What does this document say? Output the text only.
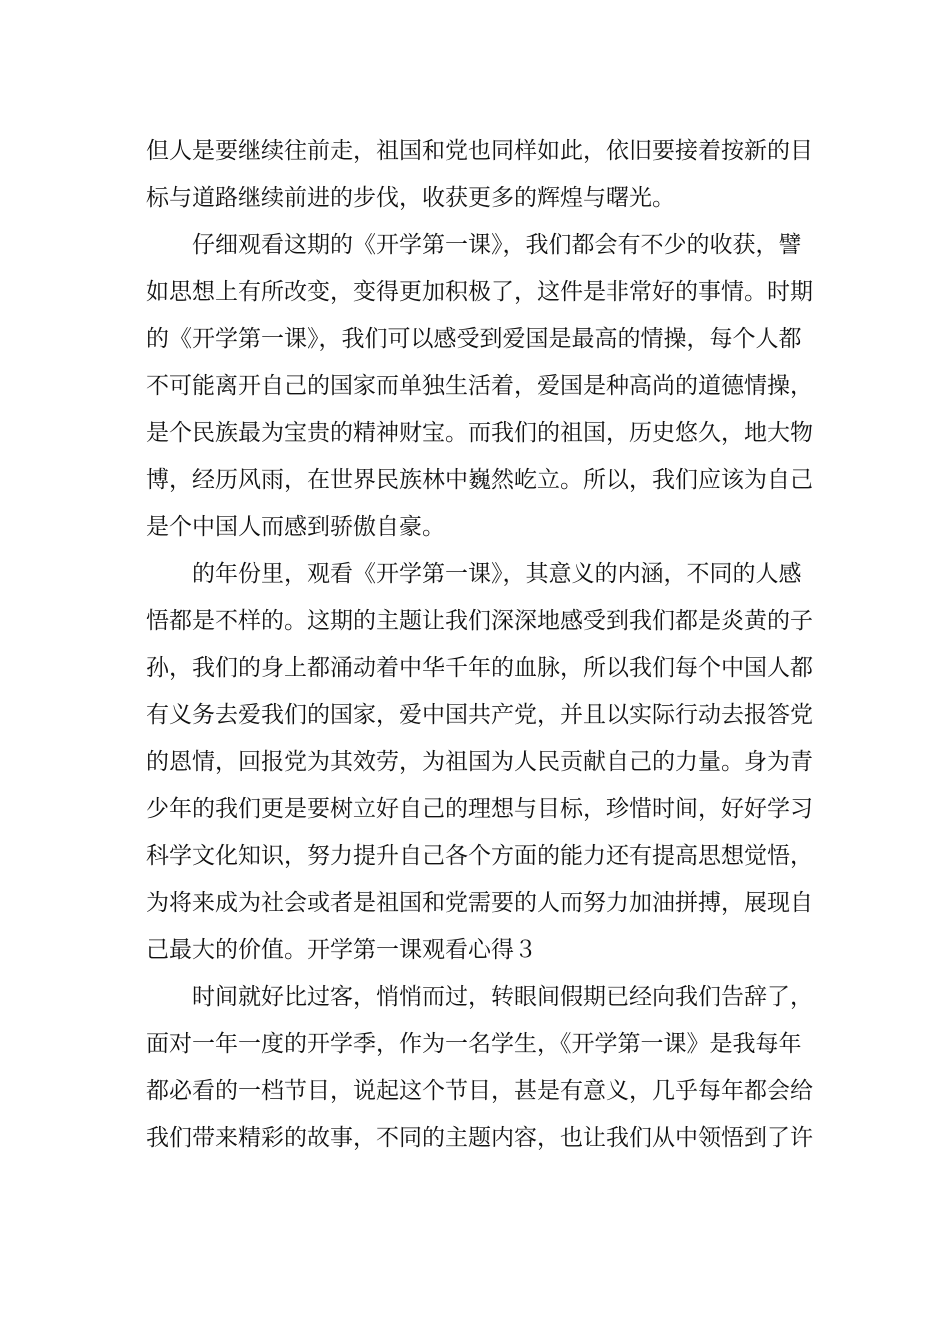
但人是要继续往前走，祖国和党也同样如此，依旧要接着按新的目
标与道路继续前进的步伐，收获更多的辉煌与曙光。
仔细观看这期的《开学第一课》，我们都会有不少的收获，譬
如思想上有所改变，变得更加积极了，这件是非常好的事情。时期
的《开学第一课》，我们可以感受到爱国是最高的情操，每个人都
不可能离开自己的国家而单独生活着，爱国是种高尚的道德情操，
是个民族最为宝贵的精神财宝。而我们的祖国，历史悠久，地大物
博，经历风雨，在世界民族林中巍然屹立。所以，我们应该为自己
是个中国人而感到骄傲自豪。
的年份里，观看《开学第一课》，其意义的内涵，不同的人感
悟都是不样的。这期的主题让我们深深地感受到我们都是炎黄的子
孙，我们的身上都涌动着中华千年的血脉，所以我们每个中国人都
有义务去爱我们的国家，爱中国共产党，并且以实际行动去报答党
的恩情，回报党为其效劳，为祖国为人民贡献自己的力量。身为青
少年的我们更是要树立好自己的理想与目标，珍惜时间，好好学习
科学文化知识，努力提升自己各个方面的能力还有提高思想觉悟，
为将来成为社会或者是祖国和党需要的人而努力加油拼搏，展现自
己最大的价值。开学第一课观看心得３
时间就好比过客，悄悄而过，转眼间假期已经向我们告辞了，
面对一年一度的开学季，作为一名学生，《开学第一课》是我每年
都必看的一档节目，说起这个节目，甚是有意义，几乎每年都会给
我们带来精彩的故事，不同的主题内容，也让我们从中领悟到了许
